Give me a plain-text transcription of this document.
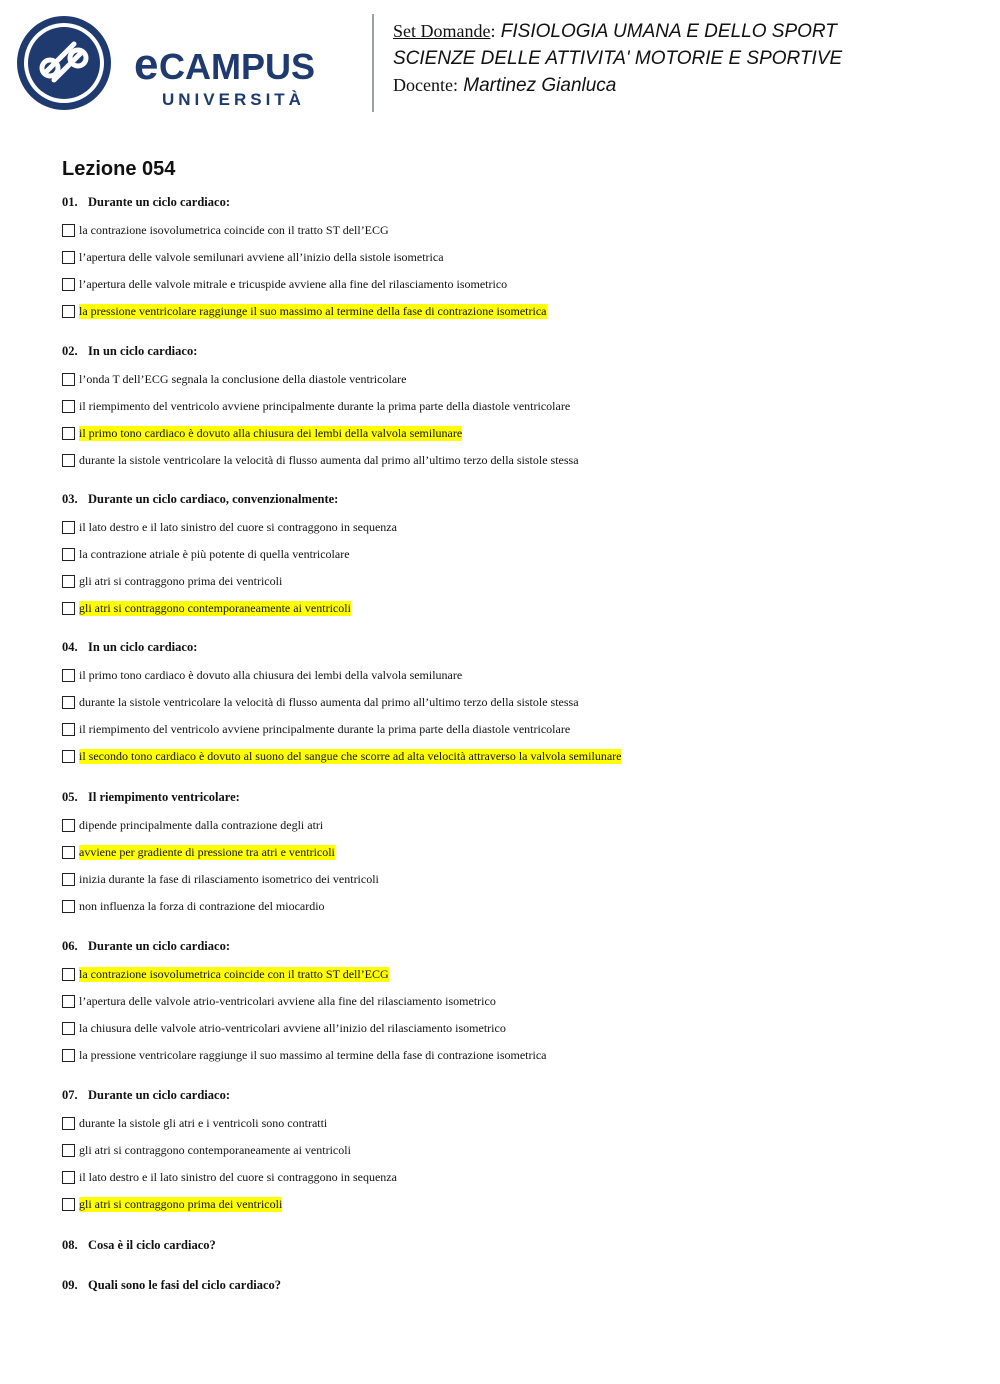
e CAMPUS
UNIVERSITÀ
Set Domande: FISIOLOGIA UMANA E DELLO SPORT
SCIENZE DELLE ATTIVITA' MOTORIE E SPORTIVE
Docente: Martinez Gianluca
Lezione 054
01. Durante un ciclo cardiaco:
la contrazione isovolumetrica coincide con il tratto ST dell’ECG
l’apertura delle valvole semilunari avviene all’inizio della sistole isometrica
l’apertura delle valvole mitrale e tricuspide avviene alla fine del rilasciamento isometrico
la pressione ventricolare raggiunge il suo massimo al termine della fase di contrazione isometrica
02. In un ciclo cardiaco:
l’onda T dell’ECG segnala la conclusione della diastole ventricolare
il riempimento del ventricolo avviene principalmente durante la prima parte della diastole ventricolare
il primo tono cardiaco è dovuto alla chiusura dei lembi della valvola semilunare
durante la sistole ventricolare la velocità di flusso aumenta dal primo all’ultimo terzo della sistole stessa
03. Durante un ciclo cardiaco, convenzionalmente:
il lato destro e il lato sinistro del cuore si contraggono in sequenza
la contrazione atriale è più potente di quella ventricolare
gli atri si contraggono prima dei ventricoli
gli atri si contraggono contemporaneamente ai ventricoli
04. In un ciclo cardiaco:
il primo tono cardiaco è dovuto alla chiusura dei lembi della valvola semilunare
durante la sistole ventricolare la velocità di flusso aumenta dal primo all’ultimo terzo della sistole stessa
il riempimento del ventricolo avviene principalmente durante la prima parte della diastole ventricolare
il secondo tono cardiaco è dovuto al suono del sangue che scorre ad alta velocità attraverso la valvola semilunare
05. Il riempimento ventricolare:
dipende principalmente dalla contrazione degli atri
avviene per gradiente di pressione tra atri e ventricoli
inizia durante la fase di rilasciamento isometrico dei ventricoli
non influenza la forza di contrazione del miocardio
06. Durante un ciclo cardiaco:
la contrazione isovolumetrica coincide con il tratto ST dell’ECG
l’apertura delle valvole atrio-ventricolari avviene alla fine del rilasciamento isometrico
la chiusura delle valvole atrio-ventricolari avviene all’inizio del rilasciamento isometrico
la pressione ventricolare raggiunge il suo massimo al termine della fase di contrazione isometrica
07. Durante un ciclo cardiaco:
durante la sistole gli atri e i ventricoli sono contratti
gli atri si contraggono contemporaneamente ai ventricoli
il lato destro e il lato sinistro del cuore si contraggono in sequenza
gli atri si contraggono prima dei ventricoli
08. Cosa è il ciclo cardiaco?
09. Quali sono le fasi del ciclo cardiaco?
